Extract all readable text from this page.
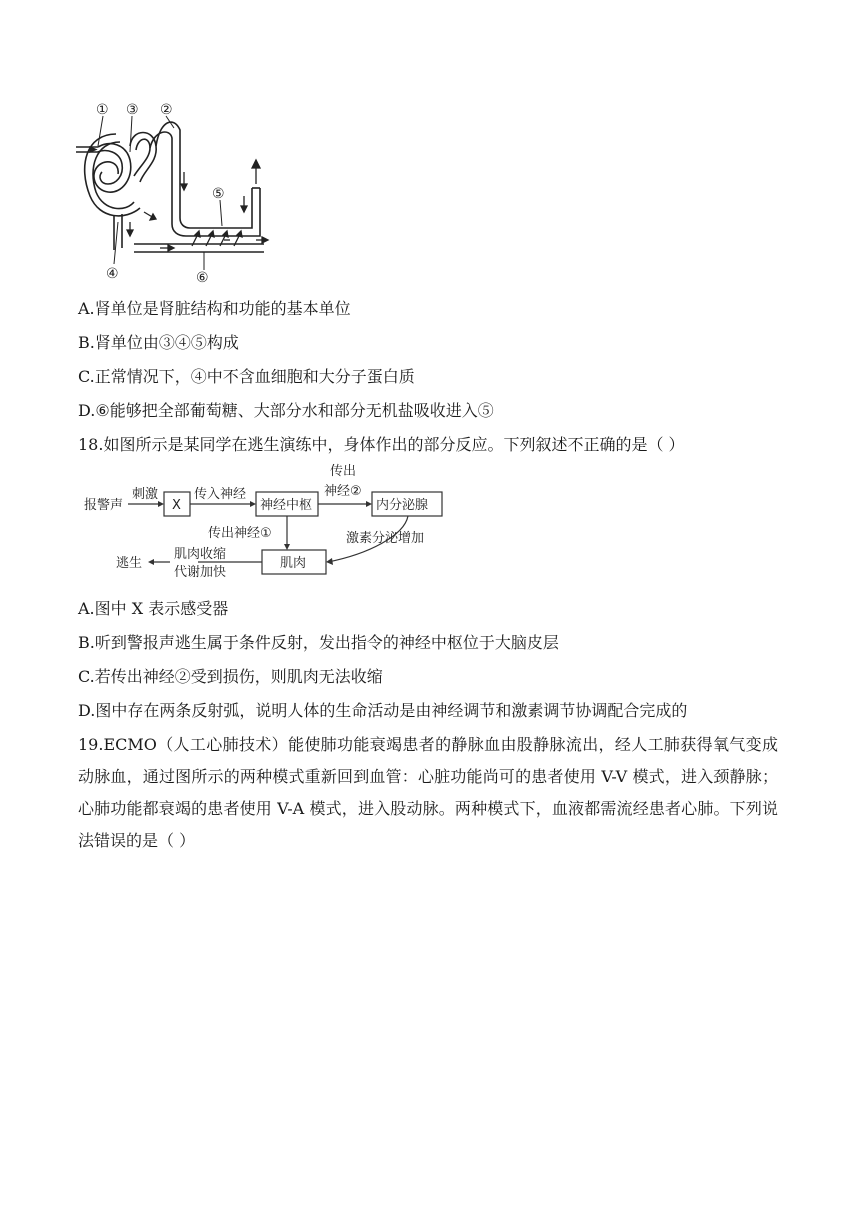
① ③ ②
⑤
④	⑥
A.肾单位是肾脏结构和功能的基本单位
B.肾单位由③④⑤构成
C.正常情况下，④中不含血细胞和大分子蛋白质
D.⑥能够把全部葡萄糖、大部分水和部分无机盐吸收进入⑤
18.如图所示是某同学在逃生演练中，身体作出的部分反应。下列叙述不正确的是（ ）
报警声
刺激
X
传入神经
神经中枢
传出
神经②
内分泌腺
传出神经①	激素分泌增加
肌肉
肌肉收缩
代谢加快
逃生
A.图中 X 表示感受器
B.听到警报声逃生属于条件反射，发出指令的神经中枢位于大脑皮层
C.若传出神经②受到损伤，则肌肉无法收缩
D.图中存在两条反射弧，说明人体的生命活动是由神经调节和激素调节协调配合完成的
19.ECMO（人工心肺技术）能使肺功能衰竭患者的静脉血由股静脉流出，经人工肺获得氧气变成动脉血，通过图所示的两种模式重新回到血管：心脏功能尚可的患者使用 V-V 模式，进入颈静脉；心肺功能都衰竭的患者使用 V-A 模式，进入股动脉。两种模式下，血液都需流经患者心肺。下列说法错误的是（ ）
